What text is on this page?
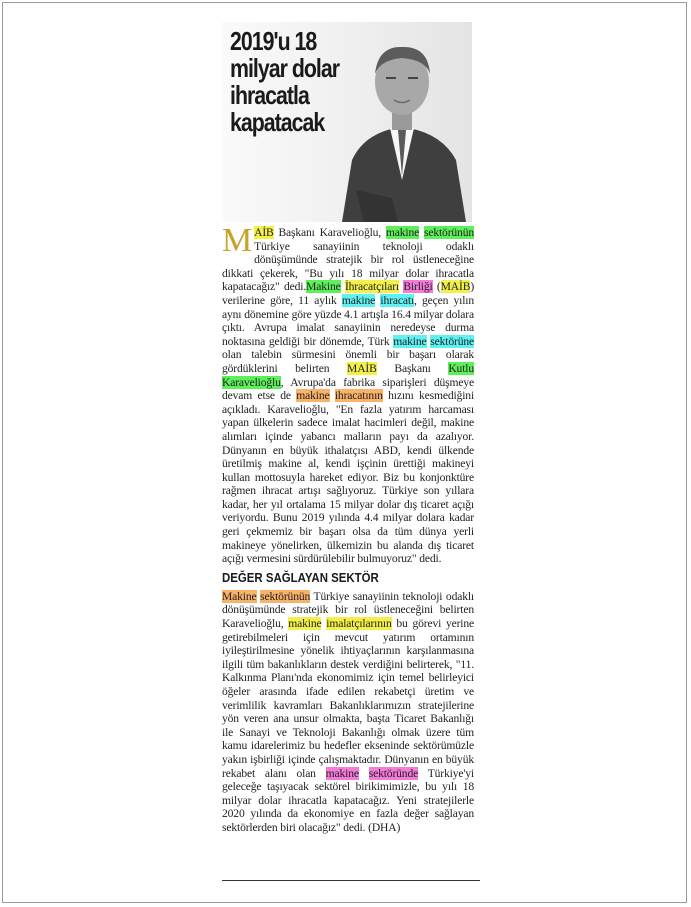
2019'u 18
milyar dolar
ihracatla
kapatacak

MAİB Başkanı Karavelioğlu, makine sektörünün Türkiye sanayiinin teknoloji odaklı dönüşümünde stratejik bir rol üstleneceğine dikkati çekerek, "Bu yılı 18 milyar dolar ihracatla kapatacağız" dedi.Makine İhracatçıları Birliği (MAİB) verilerine göre, 11 aylık makine ihracatı, geçen yılın aynı dönemine göre yüzde 4.1 artışla 16.4 milyar dolara çıktı. Avrupa imalat sanayiinin neredeyse durma noktasına geldiği bir dönemde, Türk makine sektörüne olan talebin sürmesini önemli bir başarı olarak gördüklerini belirten MAİB Başkanı Kutlu Karavelioğlu, Avrupa'da fabrika siparişleri düşmeye devam etse de makine ihracatının hızını kesmediğini açıkladı. Karavelioğlu, "En fazla yatırım harcaması yapan ülkelerin sadece imalat hacimleri değil, makine alımları içinde yabancı malların payı da azalıyor. Dünyanın en büyük ithalatçısı ABD, kendi ülkende üretilmiş makine al, kendi işçinin ürettiği makineyi kullan mottosuyla hareket ediyor. Biz bu konjonktüre rağmen ihracat artışı sağlıyoruz. Türkiye son yıllara kadar, her yıl ortalama 15 milyar dolar dış ticaret açığı veriyordu. Bunu 2019 yılında 4.4 milyar dolara kadar geri çekmemiz bir başarı olsa da tüm dünya yerli makineye yönelirken, ülkemizin bu alanda dış ticaret açığı vermesini sürdürülebilir bulmuyoruz" dedi.

DEĞER SAĞLAYAN SEKTÖR

Makine sektörünün Türkiye sanayiinin teknoloji odaklı dönüşümünde stratejik bir rol üstleneceğini belirten Karavelioğlu, makine imalatçılarının bu görevi yerine getirebilmeleri için mevcut yatırım ortamının iyileştirilmesine yönelik ihtiyaçlarının karşılanmasına ilgili tüm bakanlıkların destek verdiğini belirterek, "11. Kalkınma Planı'nda ekonomimiz için temel belirleyici öğeler arasında ifade edilen rekabetçi üretim ve verimlilik kavramları Bakanlıklarımızın stratejilerine yön veren ana unsur olmakta, başta Ticaret Bakanlığı ile Sanayi ve Teknoloji Bakanlığı olmak üzere tüm kamu idarelerimiz bu hedefler ekseninde sektörümüzle yakın işbirliği içinde çalışmaktadır. Dünyanın en büyük rekabet alanı olan makine sektöründe Türkiye'yi geleceğe taşıyacak sektörel birikimimizle, bu yılı 18 milyar dolar ihracatla kapatacağız. Yeni stratejilerle 2020 yılında da ekonomiye en fazla değer sağlayan sektörlerden biri olacağız" dedi. (DHA)
